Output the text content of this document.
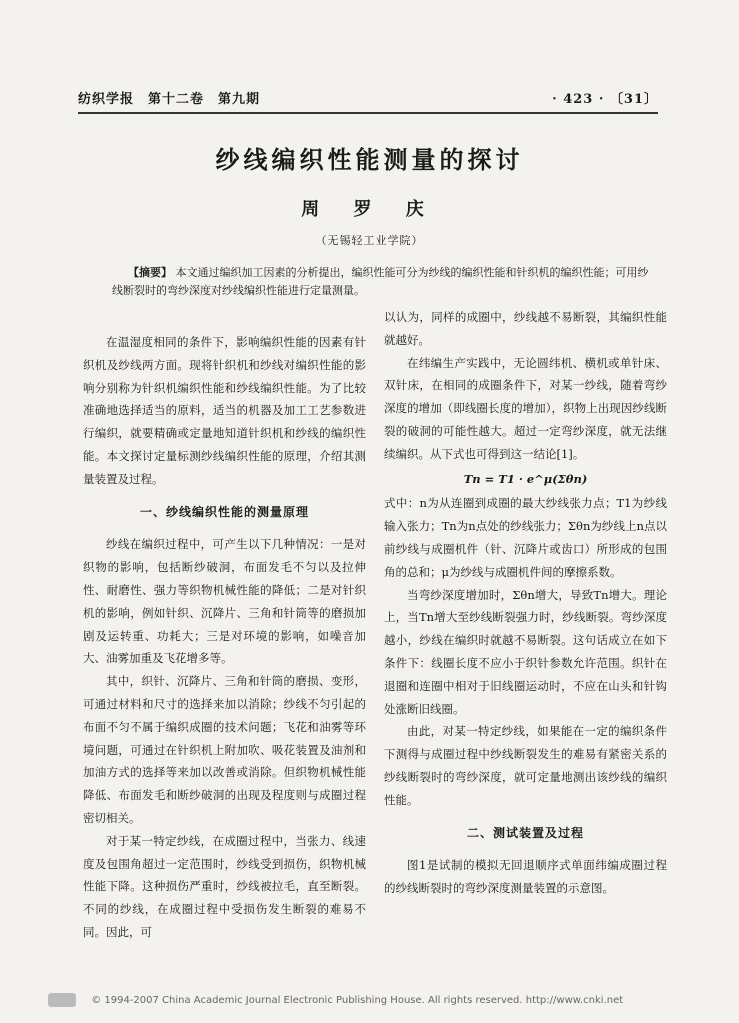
纺织学报　第十二卷　第九期	· 423 · 〔31〕
纱线编织性能测量的探讨
周 罗 庆
（无锡轻工业学院）
【摘要】 本文通过编织加工因素的分析提出，编织性能可分为纱线的编织性能和针织机的编织性能；可用纱线断裂时的弯纱深度对纱线编织性能进行定量测量。

在温湿度相同的条件下，影响编织性能的因素有针织机及纱线两方面。现将针织机和纱线对编织性能的影响分别称为针织机编织性能和纱线编织性能。为了比较准确地选择适当的原料，适当的机器及加工工艺参数进行编织，就要精确或定量地知道针织机和纱线的编织性能。本文探讨定量标测纱线编织性能的原理，介绍其测量装置及过程。

一、纱线编织性能的测量原理

纱线在编织过程中，可产生以下几种情况：一是对织物的影响，包括断纱破洞，布面发毛不匀以及拉伸性、耐磨性、强力等织物机械性能的降低；二是对针织机的影响，例如针织、沉降片、三角和针筒等的磨损加剧及运转重、功耗大；三是对环境的影响，如噪音加大、油雾加重及飞花增多等。

其中，织针、沉降片、三角和针筒的磨损、变形，可通过材料和尺寸的选择来加以消除；纱线不匀引起的布面不匀不属于编织成圈的技术问题；飞花和油雾等环境问题，可通过在针织机上附加吹、吸花装置及油剂和加油方式的选择等来加以改善或消除。但织物机械性能降低、布面发毛和断纱破洞的出现及程度则与成圈过程密切相关。

对于某一特定纱线，在成圈过程中，当张力、线速度及包围角超过一定范围时，纱线受到损伤，织物机械性能下降。这种损伤严重时，纱线被拉毛，直至断裂。不同的纱线，在成圈过程中受损伤发生断裂的难易不同。因此，可

以认为，同样的成圈中，纱线越不易断裂，其编织性能就越好。

在纬编生产实践中，无论圆纬机、横机或单针床、双针床，在相同的成圈条件下，对某一纱线，随着弯纱深度的增加（即线圈长度的增加），织物上出现因纱线断裂的破洞的可能性越大。超过一定弯纱深度，就无法继续编织。从下式也可得到这一结论[1]。

Tn = T1 · e^μ(Σθn)

式中：n为从连圈到成圈的最大纱线张力点；T1为纱线输入张力；Tn为n点处的纱线张力；Σθn为纱线上n点以前纱线与成圈机件（针、沉降片或齿口）所形成的包围角的总和；μ为纱线与成圈机件间的摩擦系数。

当弯纱深度增加时，Σθn增大，导致Tn增大。理论上，当Tn增大至纱线断裂强力时，纱线断裂。弯纱深度越小，纱线在编织时就越不易断裂。这句话成立在如下条件下：线圈长度不应小于织针参数允许范围。织针在退圈和连圈中相对于旧线圈运动时，不应在山头和针钩处涨断旧线圈。

由此，对某一特定纱线，如果能在一定的编织条件下测得与成圈过程中纱线断裂发生的难易有紧密关系的纱线断裂时的弯纱深度，就可定量地测出该纱线的编织性能。

二、测试装置及过程

图1是试制的模拟无回退顺序式单面纬编成圈过程的纱线断裂时的弯纱深度测量装置的示意图。

© 1994-2007 China Academic Journal Electronic Publishing House. All rights reserved. http://www.cnki.net
